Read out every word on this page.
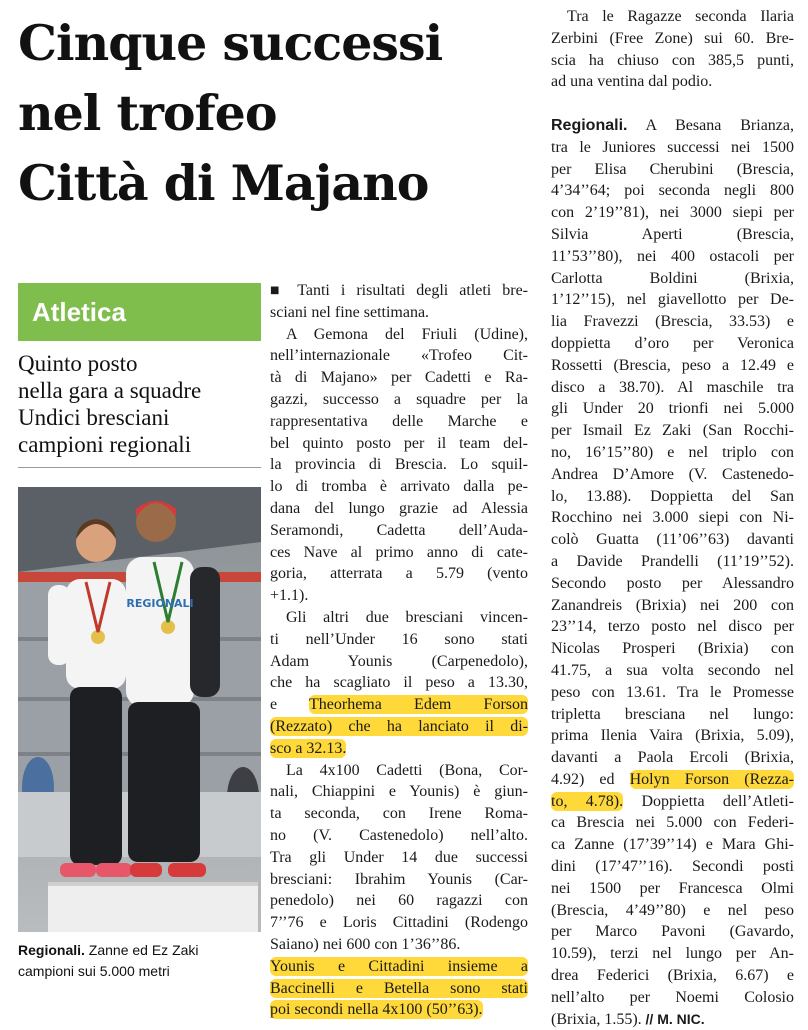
Cinque successi
nel trofeo
Città di Majano
Atletica
Quinto posto
nella gara a squadre
Undici bresciani
campioni regionali
REGIONALI
Regionali. Zanne ed Ez Zaki
campioni sui 5.000 metri
■ Tanti i risultati degli atleti bre-
sciani nel fine settimana.
A Gemona del Friuli (Udine),
nell’internazionale «Trofeo Cit-
tà di Majano» per Cadetti e Ra-
gazzi, successo a squadre per la
rappresentativa delle Marche e
bel quinto posto per il team del-
la provincia di Brescia. Lo squil-
lo di tromba è arrivato dalla pe-
dana del lungo grazie ad Alessia
Seramondi, Cadetta dell’Auda-
ces Nave al primo anno di cate-
goria, atterrata a 5.79 (vento
+1.1).
Gli altri due bresciani vincen-
ti nell’Under 16 sono stati
Adam Younis (Carpenedolo),
che ha scagliato il peso a 13.30,
e Theorhema Edem Forson
(Rezzato) che ha lanciato il di-
sco a 32.13.
La 4x100 Cadetti (Bona, Cor-
nali, Chiappini e Younis) è giun-
ta seconda, con Irene Roma-
no (V. Castenedolo) nell’alto.
Tra gli Under 14 due successi
bresciani: Ibrahim Younis (Car-
penedolo) nei 60 ragazzi con
7’’76 e Loris Cittadini (Rodengo
Saiano) nei 600 con 1’36’’86.
Younis e Cittadini insieme a
Baccinelli e Betella sono stati
poi secondi nella 4x100 (50’’63).
Tra le Ragazze seconda Ilaria
Zerbini (Free Zone) sui 60. Bre-
scia ha chiuso con 385,5 punti,
ad una ventina dal podio.

Regionali. A Besana Brianza,
tra le Juniores successi nei 1500
per Elisa Cherubini (Brescia,
4’34’’64; poi seconda negli 800
con 2’19’’81), nei 3000 siepi per
Silvia Aperti (Brescia,
11’53’’80), nei 400 ostacoli per
Carlotta Boldini (Brixia,
1’12’’15), nel giavellotto per De-
lia Fravezzi (Brescia, 33.53) e
doppietta d’oro per Veronica
Rossetti (Brescia, peso a 12.49 e
disco a 38.70). Al maschile tra
gli Under 20 trionfi nei 5.000
per Ismail Ez Zaki (San Rocchi-
no, 16’15’’80) e nel triplo con
Andrea D’Amore (V. Castenedo-
lo, 13.88). Doppietta del San
Rocchino nei 3.000 siepi con Ni-
colò Guatta (11’06’’63) davanti
a Davide Prandelli (11’19’’52).
Secondo posto per Alessandro
Zanandreis (Brixia) nei 200 con
23’’14, terzo posto nel disco per
Nicolas Prosperi (Brixia) con
41.75, a sua volta secondo nel
peso con 13.61. Tra le Promesse
tripletta bresciana nel lungo:
prima Ilenia Vaira (Brixia, 5.09),
davanti a Paola Ercoli (Brixia,
4.92) ed Holyn Forson (Rezza-
to, 4.78). Doppietta dell’Atleti-
ca Brescia nei 5.000 con Federi-
ca Zanne (17’39’’14) e Mara Ghi-
dini (17’47’’16). Secondi posti
nei 1500 per Francesca Olmi
(Brescia, 4’49’’80) e nel peso
per Marco Pavoni (Gavardo,
10.59), terzi nel lungo per An-
drea Federici (Brixia, 6.67) e
nell’alto per Noemi Colosio
(Brixia, 1.55). // M. NIC.
